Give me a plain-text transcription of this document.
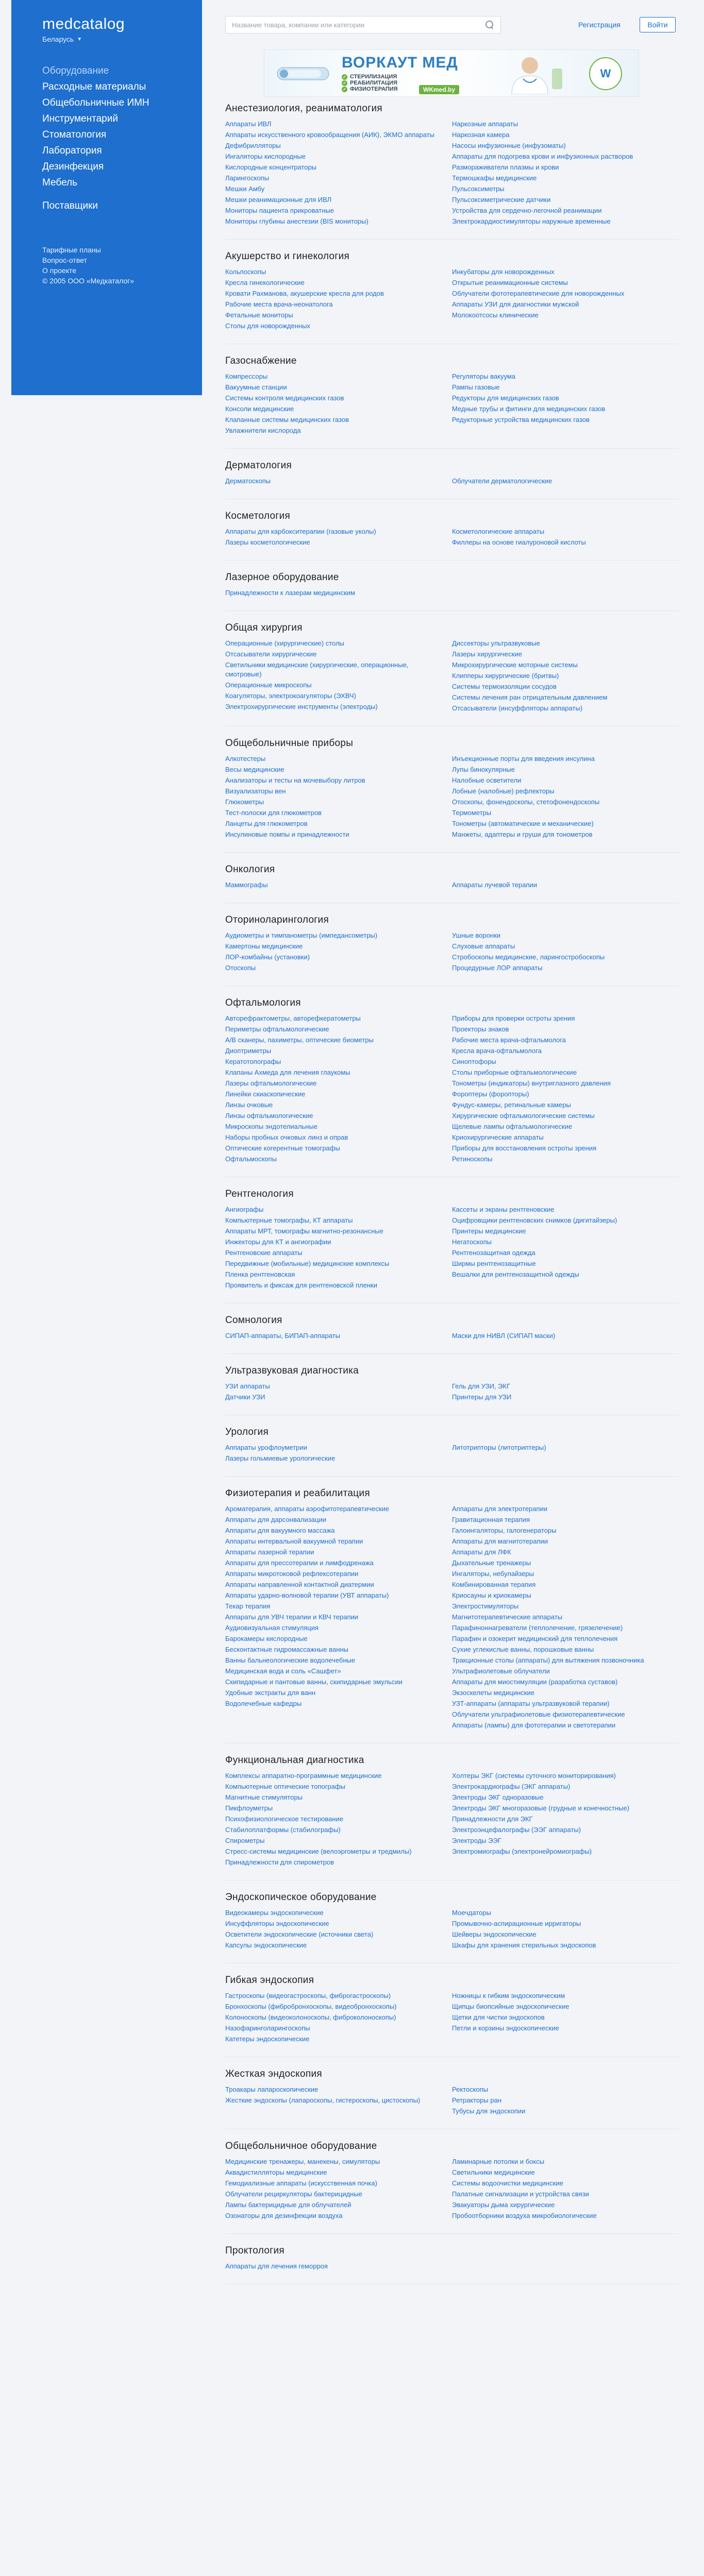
medcatalog
Беларусь ▼
Оборудование
Расходные материалы
Общебольничные ИМН
Инструментарий
Стоматология
Лаборатория
Дезинфекция
Мебель
Поставщики
Тарифные планы
Вопрос-ответ
О проекте
© 2005 ООО «Медкаталог»
Название товара, компании или категории
Регистрация	Войти
ВОРКАУТ МЕД
✓ СТЕРИЛИЗАЦИЯ
✓ РЕАБИЛИТАЦИЯ
✓ ФИЗИОТЕРАПИЯ	WKmed.by
W
Анестезиология, реаниматология
Аппараты ИВЛ
Аппараты искусственного кровообращения (АИК), ЭКМО аппараты
Дефибрилляторы
Ингаляторы кислородные
Кислородные концентраторы
Ларингоскопы
Мешки Амбу
Мешки реанимационные для ИВЛ
Мониторы пациента прикроватные
Мониторы глубины анестезии (BIS мониторы)
Наркозные аппараты
Наркозная камера
Насосы инфузионные (инфузоматы)
Аппараты для подогрева крови и инфузионных растворов
Размораживатели плазмы и крови
Термошкафы медицинские
Пульсоксиметры
Пульсоксиметрические датчики
Устройства для сердечно-легочной реанимации
Электрокардиостимуляторы наружные временные
Акушерство и гинекология
Кольпоскопы
Кресла гинекологические
Кровати Рахманова, акушерские кресла для родов
Рабочие места врача-неонатолога
Фетальные мониторы
Столы для новорожденных
Инкубаторы для новорожденных
Открытые реанимационные системы
Облучатели фототерапевтические для новорожденных
Аппараты УЗИ для диагностики мужской
Молокоотсосы клинические
Газоснабжение
Компрессоры
Вакуумные станции
Системы контроля медицинских газов
Консоли медицинские
Клапанные системы медицинских газов
Увлажнители кислорода
Регуляторы вакуума
Рампы газовые
Редукторы для медицинских газов
Медные трубы и фитинги для медицинских газов
Редукторные устройства медицинских газов
Дерматология
Дерматоскопы	Облучатели дерматологические
Косметология
Аппараты для карбокситерапии (газовые уколы)
Лазеры косметологические
Косметологические аппараты
Филлеры на основе гиалуроновой кислоты
Лазерное оборудование
Принадлежности к лазерам медицинским
Общая хирургия
Операционные (хирургические) столы
Отсасыватели хирургические
Светильники медицинские (хирургические, операционные, смотровые)
Операционные микроскопы
Коагуляторы, электрокоагуляторы (ЭХВЧ)
Электрохирургические инструменты (электроды)
Диссекторы ультразвуковые
Лазеры хирургические
Микрохирургические моторные системы
Клипперы хирургические (бритвы)
Системы термоизоляции сосудов
Системы лечения ран отрицательным давлением
Отсасыватели (инсуффляторы аппараты)
Общебольничные приборы
Алкотестеры
Весы медицинские
Анализаторы и тесты на мочевыбору литров
Визуализаторы вен
Глюкометры
Тест-полоски для глюкометров
Ланцеты для глюкометров
Инсулиновые помпы и принадлежности
Инъекционные порты для введения инсулина
Лупы бинокулярные
Налобные осветители
Лобные (налобные) рефлекторы
Отоскопы, фонендоскопы, стетофонендоскопы
Термометры
Тонометры (автоматические и механические)
Манжеты, адаптеры и груши для тонометров
Онкология
Маммографы	Аппараты лучевой терапии
Оториноларингология
Аудиометры и тимпанометры (импедансометры)
Камертоны медицинские
ЛОР-комбайны (установки)
Отоскопы
Ушные воронки
Слуховые аппараты
Стробоскопы медицинские, ларингостробоскопы
Процедурные ЛОР аппараты
Офтальмология
Авторефрактометры, авторефкератометры
Периметры офтальмологические
А/В сканеры, пахиметры, оптические биометры
Диоптриметры
Кератотопографы
Клапаны Ахмеда для лечения глаукомы
Лазеры офтальмологические
Линейки скиаскопические
Линзы очковые
Линзы офтальмологические
Микроскопы эндотелиальные
Наборы пробных очковых линз и оправ
Оптические когерентные томографы
Офтальмоскопы
Приборы для проверки остроты зрения
Проекторы знаков
Рабочие места врача-офтальмолога
Кресла врача-офтальмолога
Синоптофоры
Столы приборные офтальмологические
Тонометры (индикаторы) внутриглазного давления
Фороптеры (форопторы)
Фундус-камеры, ретинальные камеры
Хирургические офтальмологические системы
Щелевые лампы офтальмологические
Криохирургические аппараты
Приборы для восстановления остроты зрения
Ретиноскопы
Рентгенология
Ангиографы
Компьютерные томографы, КТ аппараты
Аппараты МРТ, томографы магнитно-резонансные
Инжекторы для КТ и ангиографии
Рентгеновские аппараты
Передвижные (мобильные) медицинские комплексы
Пленка рентгеновская
Проявитель и фиксаж для рентгеновской пленки
Кассеты и экраны рентгеновские
Оцифровщики рентгеновских снимков (дигитайзеры)
Принтеры медицинские
Негатоскопы
Рентгенозащитная одежда
Ширмы рентгенозащитные
Вешалки для рентгенозащитной одежды
Сомнология
СИПАП-аппараты, БИПАП-аппараты	Маски для НИВЛ (СИПАП маски)
Ультразвуковая диагностика
УЗИ аппараты
Датчики УЗИ
Гель для УЗИ, ЭКГ
Принтеры для УЗИ
Урология
Аппараты урофлоуметрии
Лазеры гольмиевые урологические
Литотрипторы (литотриптеры)
Физиотерапия и реабилитация
Ароматерапия, аппараты аэрофитотерапевтические
Аппараты для дарсонвализации
Аппараты для вакуумного массажа
Аппараты интервальной вакуумной терапии
Аппараты лазерной терапии
Аппараты для прессотерапии и лимфодренажа
Аппараты микротоковой рефлексотерапии
Аппараты направленной контактной диатермии
Аппараты ударно-волновой терапии (УВТ аппараты)
Текар терапия
Аппараты для УВЧ терапии и КВЧ терапии
Аудиовизуальная стимуляция
Барокамеры кислородные
Бесконтактные гидромассажные ванны
Ванны бальнеологические водолечебные
Медицинская вода и соль «Сашфет»
Скипидарные и пантовые ванны, скипидарные эмульсии
Удобные экстракты для ванн
Водолечебные кафедры
Аппараты для электротерапии
Гравитационная терапия
Галоингаляторы, галогенераторы
Аппараты для магнитотерапии
Аппараты для ЛФК
Дыхательные тренажеры
Ингаляторы, небулайзеры
Комбинированная терапия
Криосауны и криокамеры
Электростимуляторы
Магнитотерапевтические аппараты
Парафиноннагреватели (теплолечение, грязелечение)
Парафин и озокерит медицинский для теплолечения
Сухие углекислые ванны, порошковые ванны
Тракционные столы (аппараты) для вытяжения позвоночника
Ультрафиолетовые облучатели
Аппараты для миостимуляции (разработка суставов)
Экзоскелеты медицинские
УЗТ-аппараты (аппараты ультразвуковой терапии)
Облучатели ультрафиолетовые физиотерапевтические
Аппараты (лампы) для фототерапии и светотерапии
Функциональная диагностика
Комплексы аппаратно-программные медицинские
Компьютерные оптические топографы
Магнитные стимуляторы
Пикфлоуметры
Психофизиологическое тестирование
Стабилоплатформы (стабилографы)
Спирометры
Стресс-системы медицинские (велоэргометры и тредмилы)
Принадлежности для спирометров
Холтеры ЭКГ (системы суточного мониторирования)
Электрокардиографы (ЭКГ аппараты)
Электроды ЭКГ одноразовые
Электроды ЭКГ многоразовые (грудные и конечностные)
Принадлежности для ЭКГ
Электроэнцефалографы (ЭЭГ аппараты)
Электроды ЭЭГ
Электромиографы (электронейромиографы)
Эндоскопическое оборудование
Видеокамеры эндоскопические
Инсуффляторы эндоскопические
Осветители эндоскопические (источники света)
Капсулы эндоскопические
Моечдаторы
Промывочно-аспирационные ирригаторы
Шейверы эндоскопические
Шкафы для хранения стерильных эндоскопов
Гибкая эндоскопия
Гастроскопы (видеогастроскопы, фиброгастроскопы)
Бронхоскопы (фибробронхоскопы, видеобронхоскопы)
Колоноскопы (видеоколоноскопы, фиброколоноскопы)
Назофаринголарингоскопы
Катетеры эндоскопические
Ножницы к гибким эндоскопическим
Щипцы биопсийные эндоскопические
Щетки для чистки эндоскопов
Петли и корзины эндоскопические
Жесткая эндоскопия
Троакары лапароскопические
Жесткие эндоскопы (лапароскопы, гистероскопы, цистоскопы)
Ректоскопы
Ретракторы ран
Тубусы для эндоскопии
Общебольничное оборудование
Медицинские тренажеры, манекены, симуляторы
Аквадистилляторы медицинские
Гемодиализные аппараты (искусственная почка)
Облучатели рециркуляторы бактерицидные
Лампы бактерицидные для облучателей
Озонаторы для дезинфекции воздуха
Ламинарные потолки и боксы
Светильники медицинские
Системы водоочистки медицинские
Палатные сигнализации и устройства связи
Эвакуаторы дыма хирургические
Пробоотборники воздуха микробиологические
Проктология
Аппараты для лечения геморроя
